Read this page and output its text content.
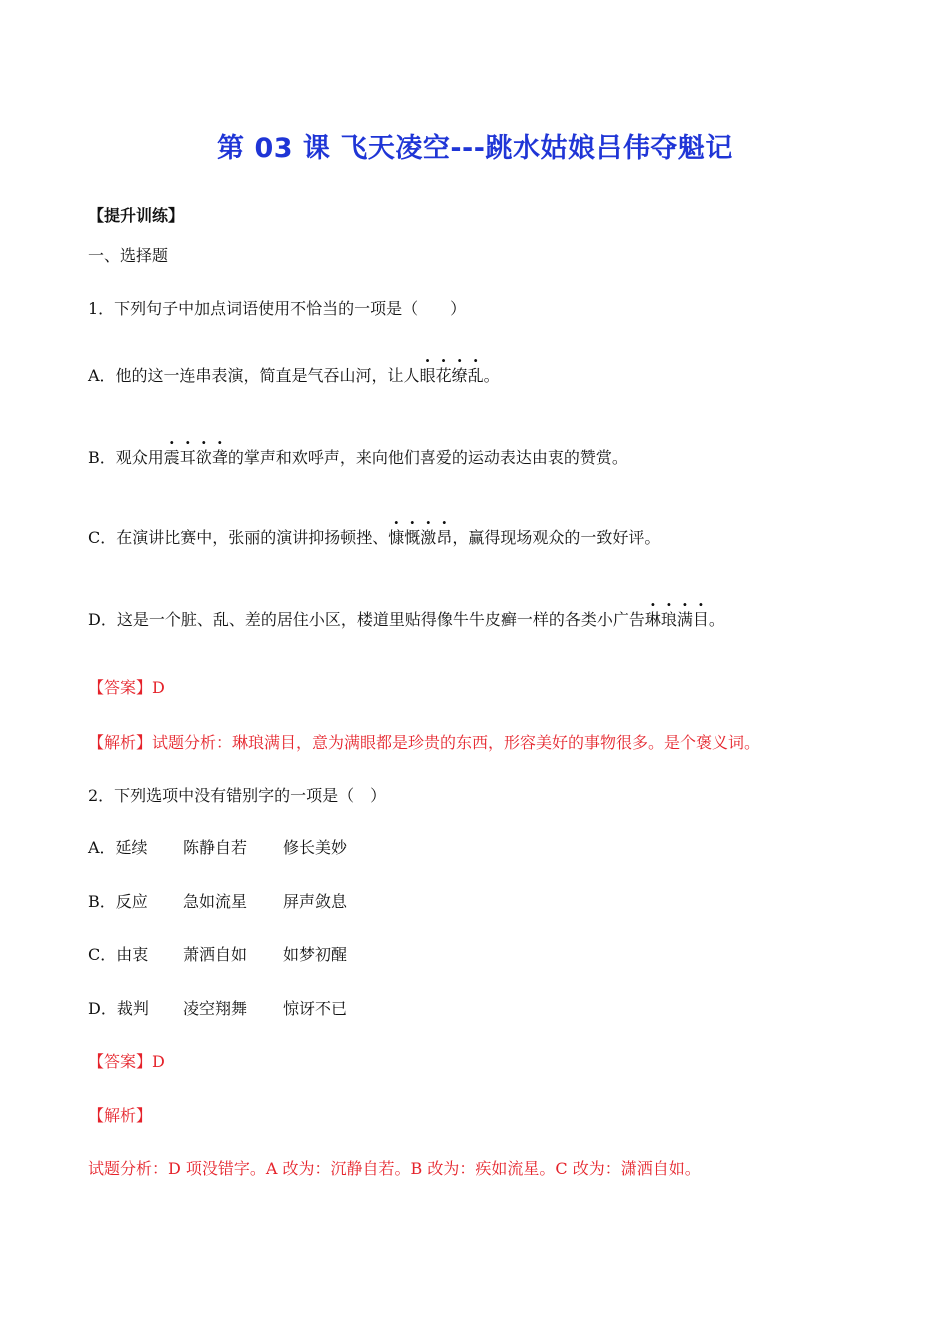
第 03 课 飞天凌空---跳水姑娘吕伟夺魁记
【提升训练】
一、选择题
1．下列句子中加点词语使用不恰当的一项是（　　）
A．他的这一连串表演，简直是气吞山河，让人眼花缭乱。
B．观众用震耳欲聋的掌声和欢呼声，来向他们喜爱的运动表达由衷的赞赏。
C．在演讲比赛中，张丽的演讲抑扬顿挫、慷慨激昂，赢得现场观众的一致好评。
D．这是一个脏、乱、差的居住小区，楼道里贴得像牛牛皮癣一样的各类小广告琳琅满目。
【答案】D
【解析】试题分析：琳琅满目，意为满眼都是珍贵的东西，形容美好的事物很多。是个褒义词。
2．下列选项中没有错别字的一项是（　）
A．延续 陈静自若 修长美妙
B．反应 急如流星 屏声敛息
C．由衷 萧洒自如 如梦初醒
D．裁判 凌空翔舞 惊讶不已
【答案】D
【解析】
试题分析：D 项没错字。A 改为：沉静自若。B 改为：疾如流星。C 改为：潇洒自如。
